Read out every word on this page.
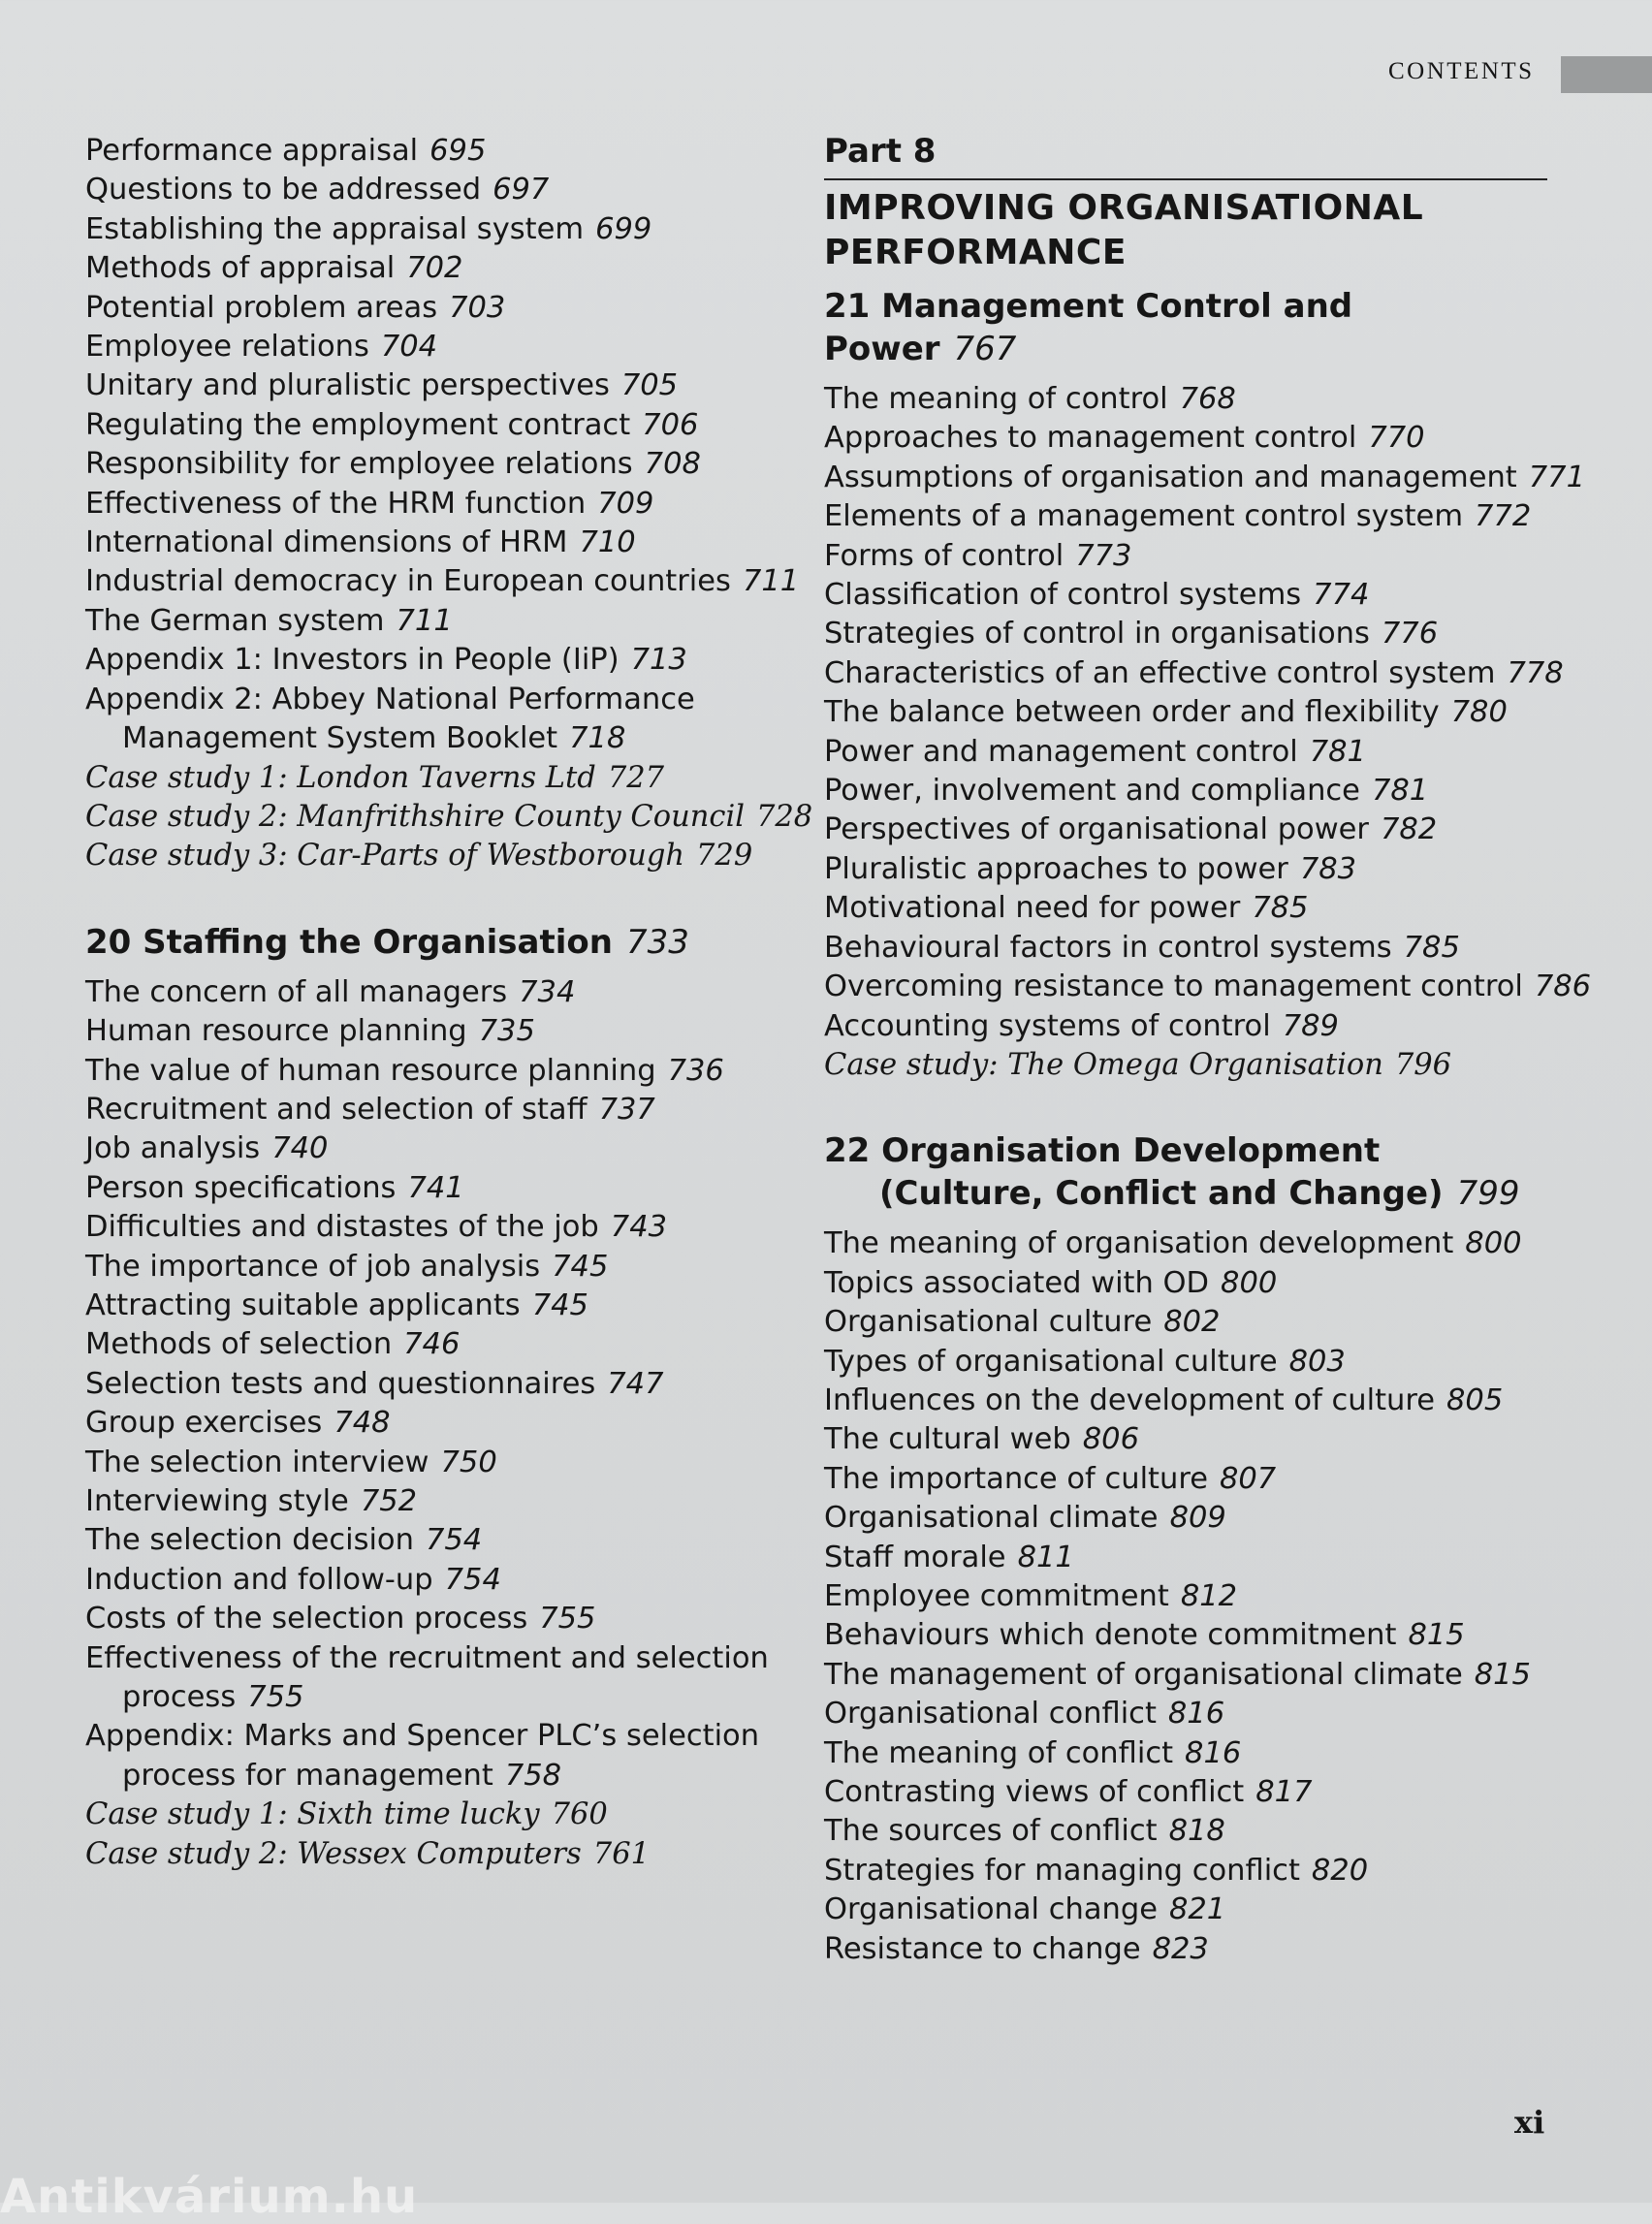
CONTENTS
Performance appraisal 695
Questions to be addressed 697
Establishing the appraisal system 699
Methods of appraisal 702
Potential problem areas 703
Employee relations 704
Unitary and pluralistic perspectives 705
Regulating the employment contract 706
Responsibility for employee relations 708
Effectiveness of the HRM function 709
International dimensions of HRM 710
Industrial democracy in European countries 711
The German system 711
Appendix 1: Investors in People (IiP) 713
Appendix 2: Abbey National Performance Management System Booklet 718
Case study 1: London Taverns Ltd 727
Case study 2: Manfrithshire County Council 728
Case study 3: Car-Parts of Westborough 729
20 Staffing the Organisation 733
The concern of all managers 734
Human resource planning 735
The value of human resource planning 736
Recruitment and selection of staff 737
Job analysis 740
Person specifications 741
Difficulties and distastes of the job 743
The importance of job analysis 745
Attracting suitable applicants 745
Methods of selection 746
Selection tests and questionnaires 747
Group exercises 748
The selection interview 750
Interviewing style 752
The selection decision 754
Induction and follow-up 754
Costs of the selection process 755
Effectiveness of the recruitment and selection process 755
Appendix: Marks and Spencer PLC’s selection process for management 758
Case study 1: Sixth time lucky 760
Case study 2: Wessex Computers 761
Part 8
IMPROVING ORGANISATIONAL PERFORMANCE
21 Management Control and Power 767
The meaning of control 768
Approaches to management control 770
Assumptions of organisation and management 771
Elements of a management control system 772
Forms of control 773
Classification of control systems 774
Strategies of control in organisations 776
Characteristics of an effective control system 778
The balance between order and flexibility 780
Power and management control 781
Power, involvement and compliance 781
Perspectives of organisational power 782
Pluralistic approaches to power 783
Motivational need for power 785
Behavioural factors in control systems 785
Overcoming resistance to management control 786
Accounting systems of control 789
Case study: The Omega Organisation 796
22 Organisation Development (Culture, Conflict and Change) 799
The meaning of organisation development 800
Topics associated with OD 800
Organisational culture 802
Types of organisational culture 803
Influences on the development of culture 805
The cultural web 806
The importance of culture 807
Organisational climate 809
Staff morale 811
Employee commitment 812
Behaviours which denote commitment 815
The management of organisational climate 815
Organisational conflict 816
The meaning of conflict 816
Contrasting views of conflict 817
The sources of conflict 818
Strategies for managing conflict 820
Organisational change 821
Resistance to change 823
xi
Antikvárium.hu
